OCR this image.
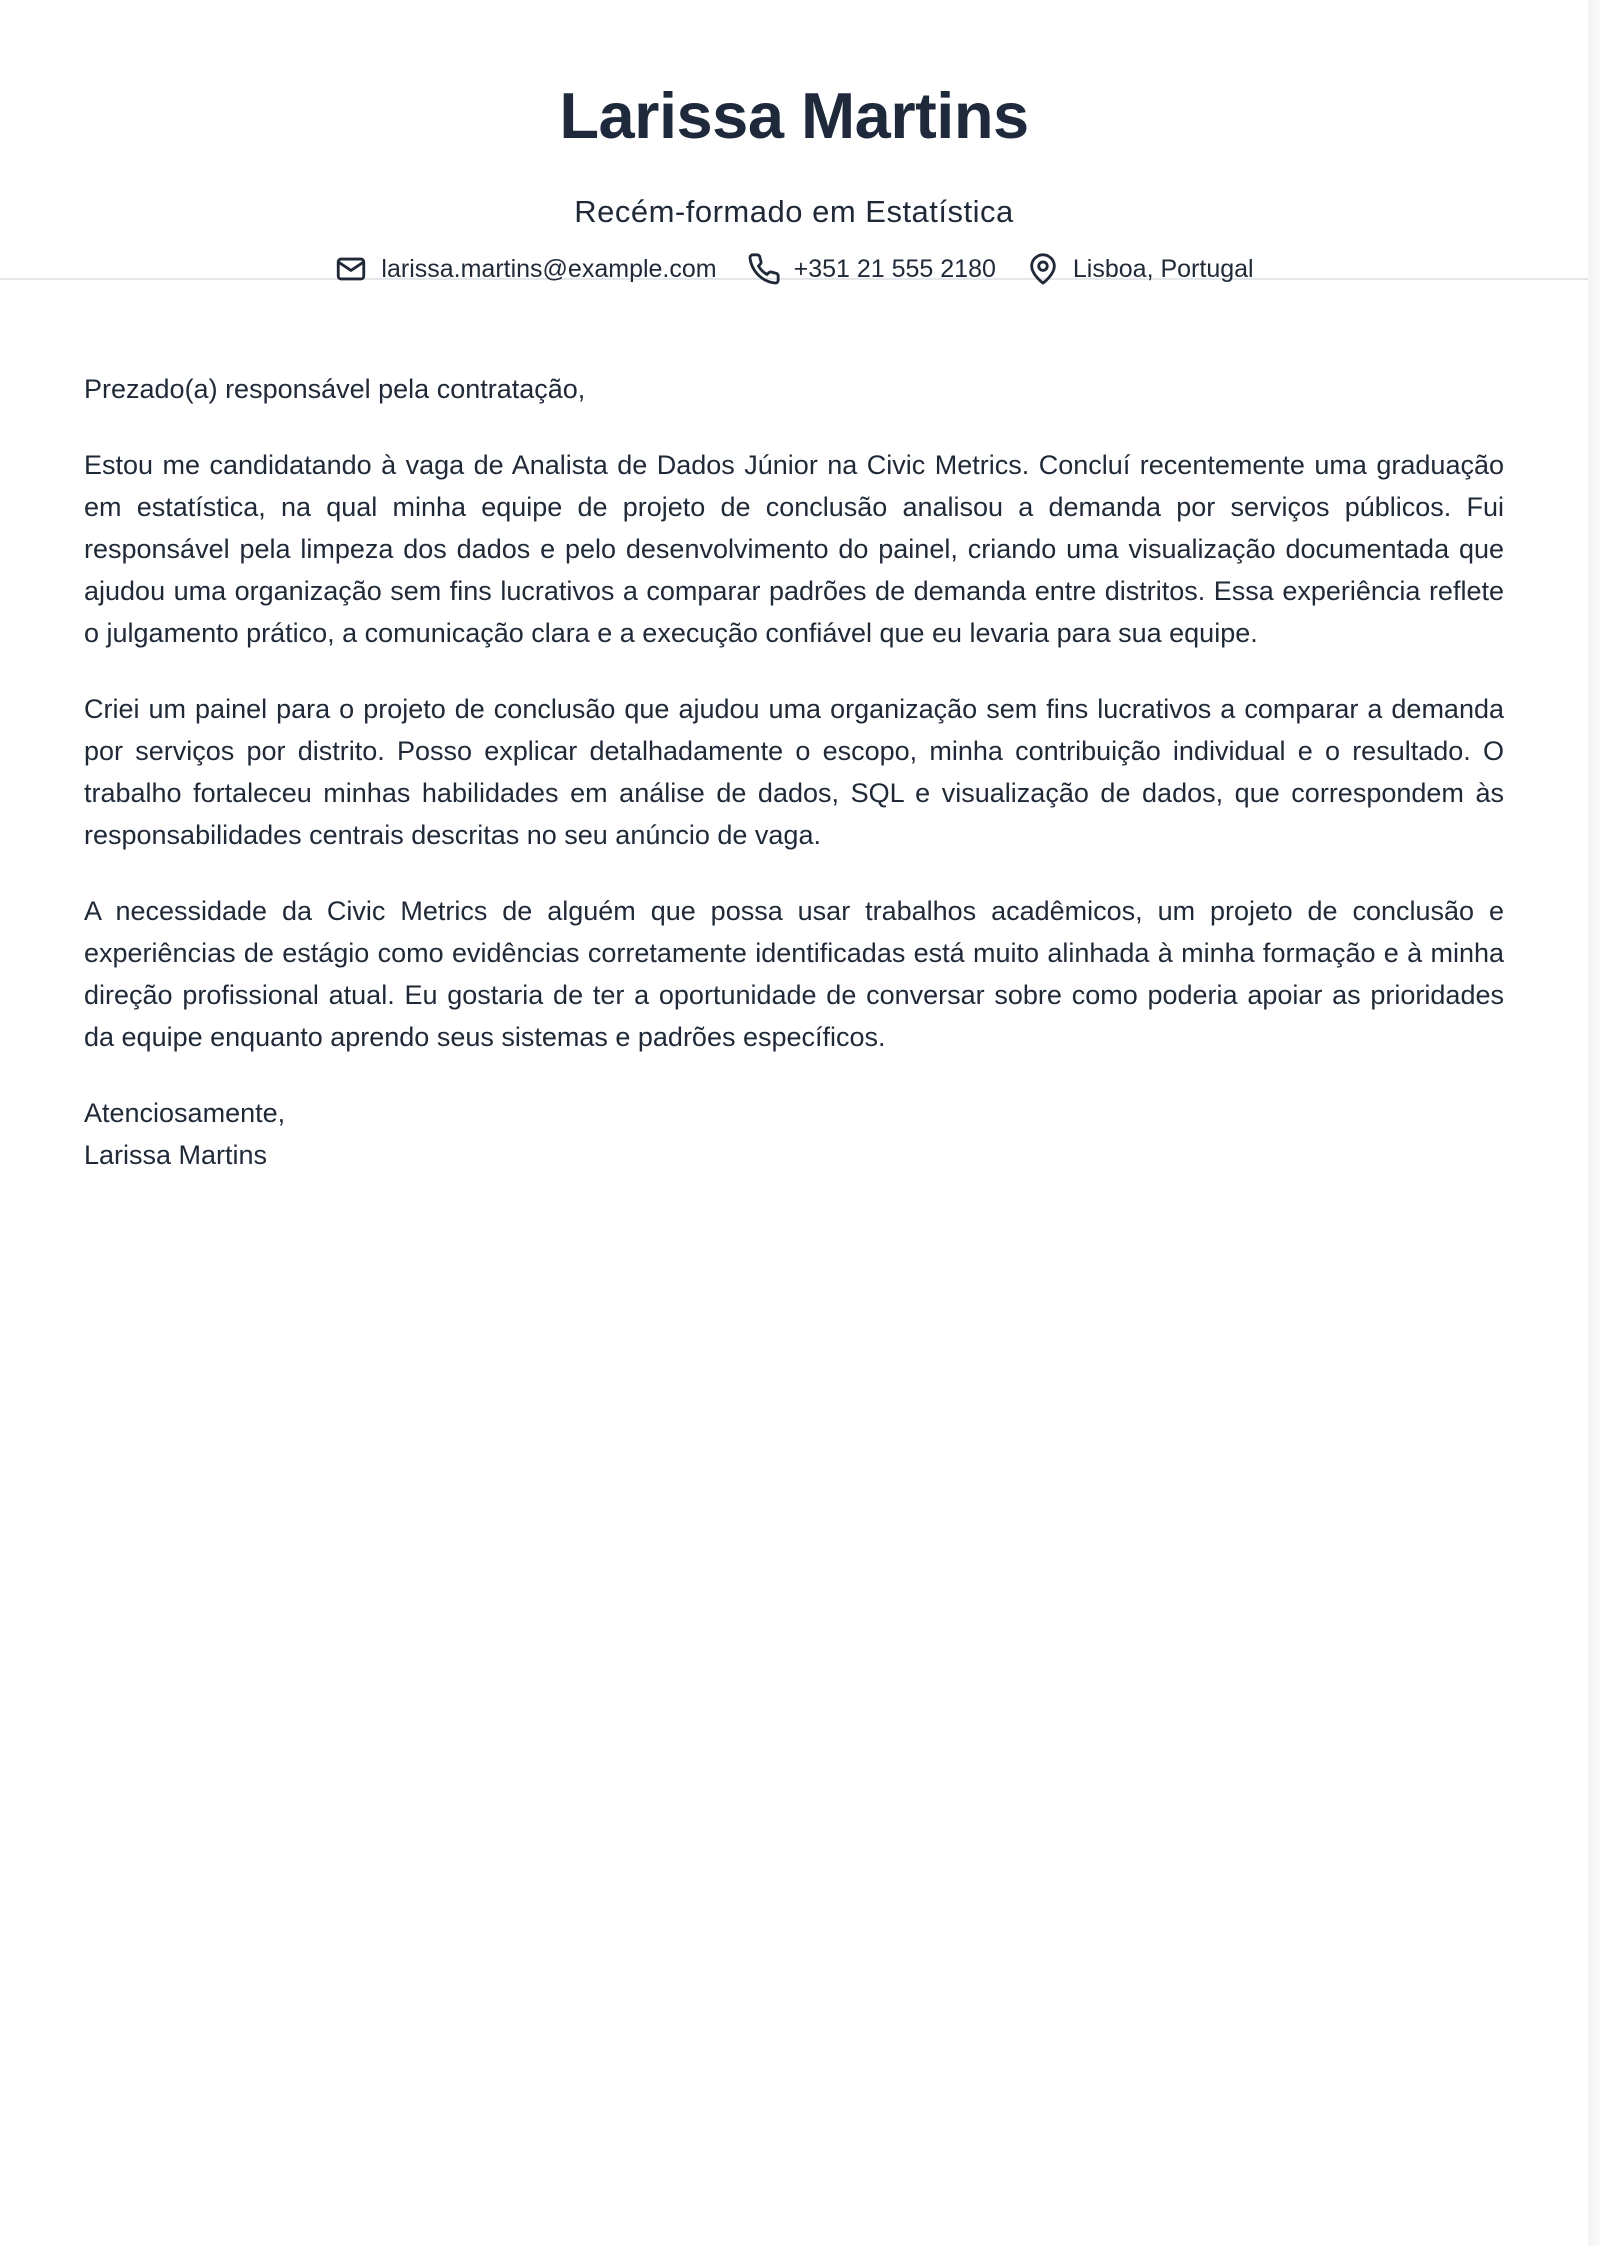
Larissa Martins
Recém-formado em Estatística
larissa.martins@example.com	+351 21 555 2180	Lisboa, Portugal

Prezado(a) responsável pela contratação,

Estou me candidatando à vaga de Analista de Dados Júnior na Civic Metrics. Concluí recentemente uma graduação em estatística, na qual minha equipe de projeto de conclusão analisou a demanda por serviços públicos. Fui responsável pela limpeza dos dados e pelo desenvolvimento do painel, criando uma visualização documentada que ajudou uma organização sem fins lucrativos a comparar padrões de demanda entre distritos. Essa experiência reflete o julgamento prático, a comunicação clara e a execução confiável que eu levaria para sua equipe.

Criei um painel para o projeto de conclusão que ajudou uma organização sem fins lucrativos a comparar a demanda por serviços por distrito. Posso explicar detalhadamente o escopo, minha contribuição individual e o resultado. O trabalho fortaleceu minhas habilidades em análise de dados, SQL e visualização de dados, que correspondem às responsabilidades centrais descritas no seu anúncio de vaga.

A necessidade da Civic Metrics de alguém que possa usar trabalhos acadêmicos, um projeto de conclusão e experiências de estágio como evidências corretamente identificadas está muito alinhada à minha formação e à minha direção profissional atual. Eu gostaria de ter a oportunidade de conversar sobre como poderia apoiar as prioridades da equipe enquanto aprendo seus sistemas e padrões específicos.

Atenciosamente,
Larissa Martins
